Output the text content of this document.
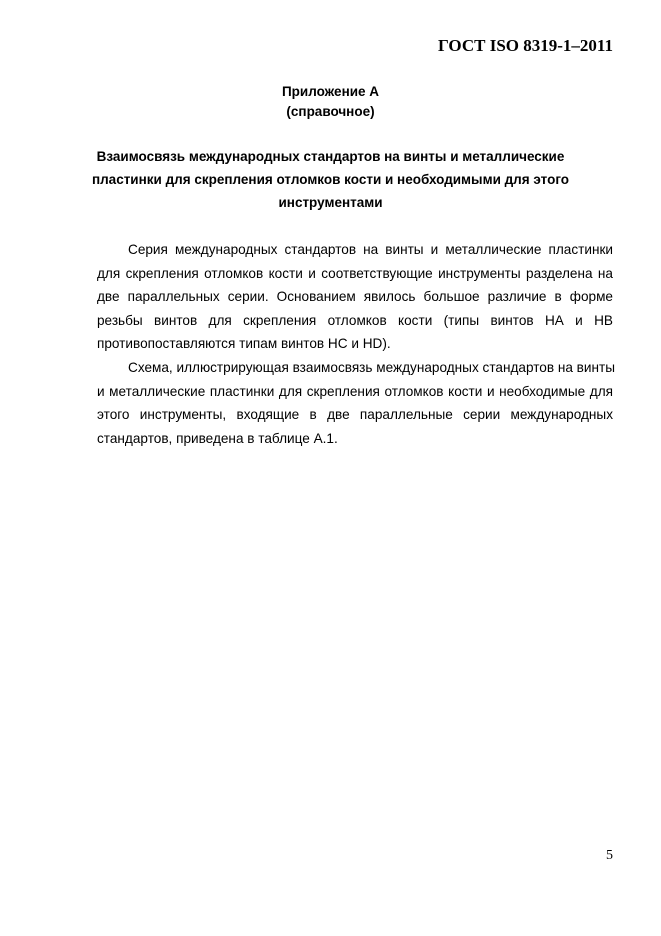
ГОСТ ISO 8319-1–2011
Приложение А
(справочное)
Взаимосвязь международных стандартов на винты и металлические
пластинки для скрепления отломков кости и необходимыми для этого
инструментами
Серия международных стандартов на винты и металлические пластинки
для скрепления отломков кости и соответствующие инструменты разделена на
две параллельных серии. Основанием явилось большое различие в форме
резьбы винтов для скрепления отломков кости (типы винтов НА и НВ
противопоставляются типам винтов НС и HD).
Схема, иллюстрирующая взаимосвязь международных стандартов на винты
и металлические пластинки для скрепления отломков кости и необходимые для
этого инструменты, входящие в две параллельные серии международных
стандартов, приведена в таблице А.1.
5
